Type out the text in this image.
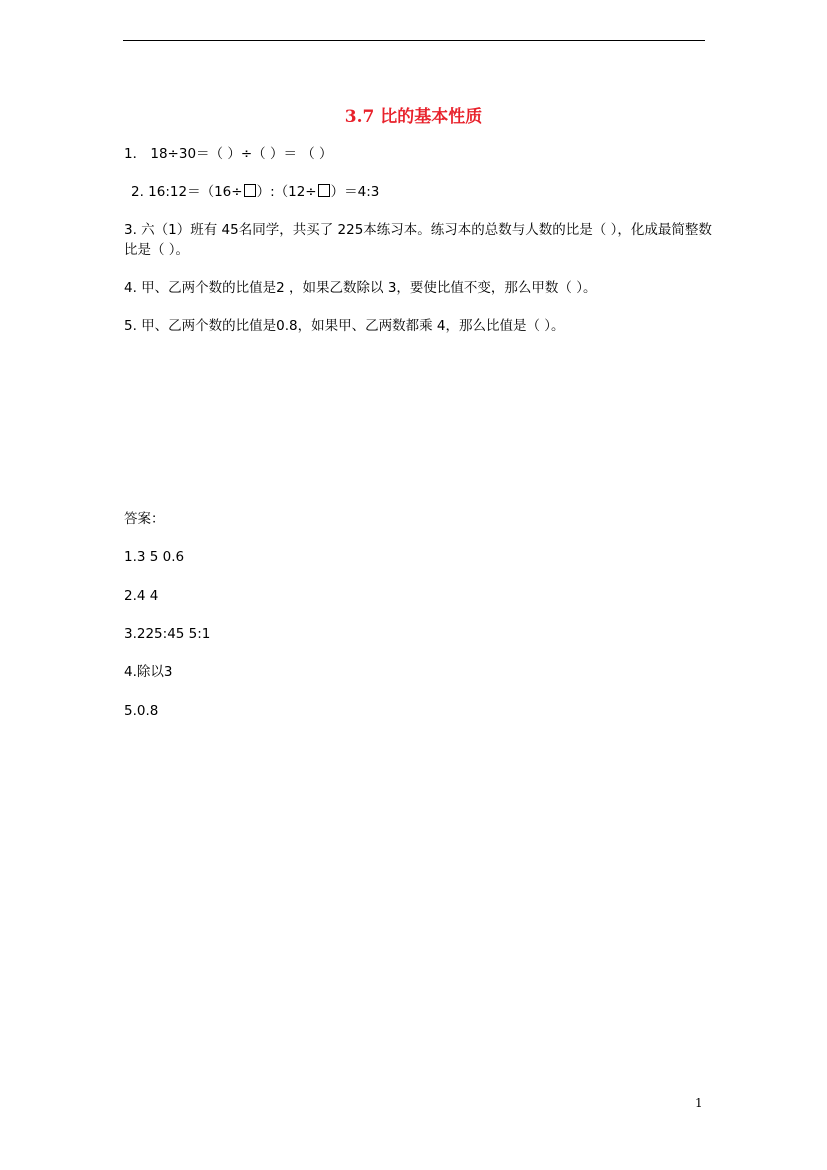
3.7 比的基本性质
1． 18÷30＝（ ）÷（ ）＝ （ ）
2. 16:12＝（16÷ ）:（12÷ ）＝4:3
3. 六（1）班有 45名同学，共买了 225本练习本。练习本的总数与人数的比是（ ），化成最简整数比是（ ）。
4. 甲、乙两个数的比值是2 ，如果乙数除以 3，要使比值不变，那么甲数（ ）。
5. 甲、乙两个数的比值是0.8，如果甲、乙两数都乘 4，那么比值是（ ）。
答案：
1.3 5 0.6
2.4 4
3.225:45 5:1
4.除以3
5.0.8
1
